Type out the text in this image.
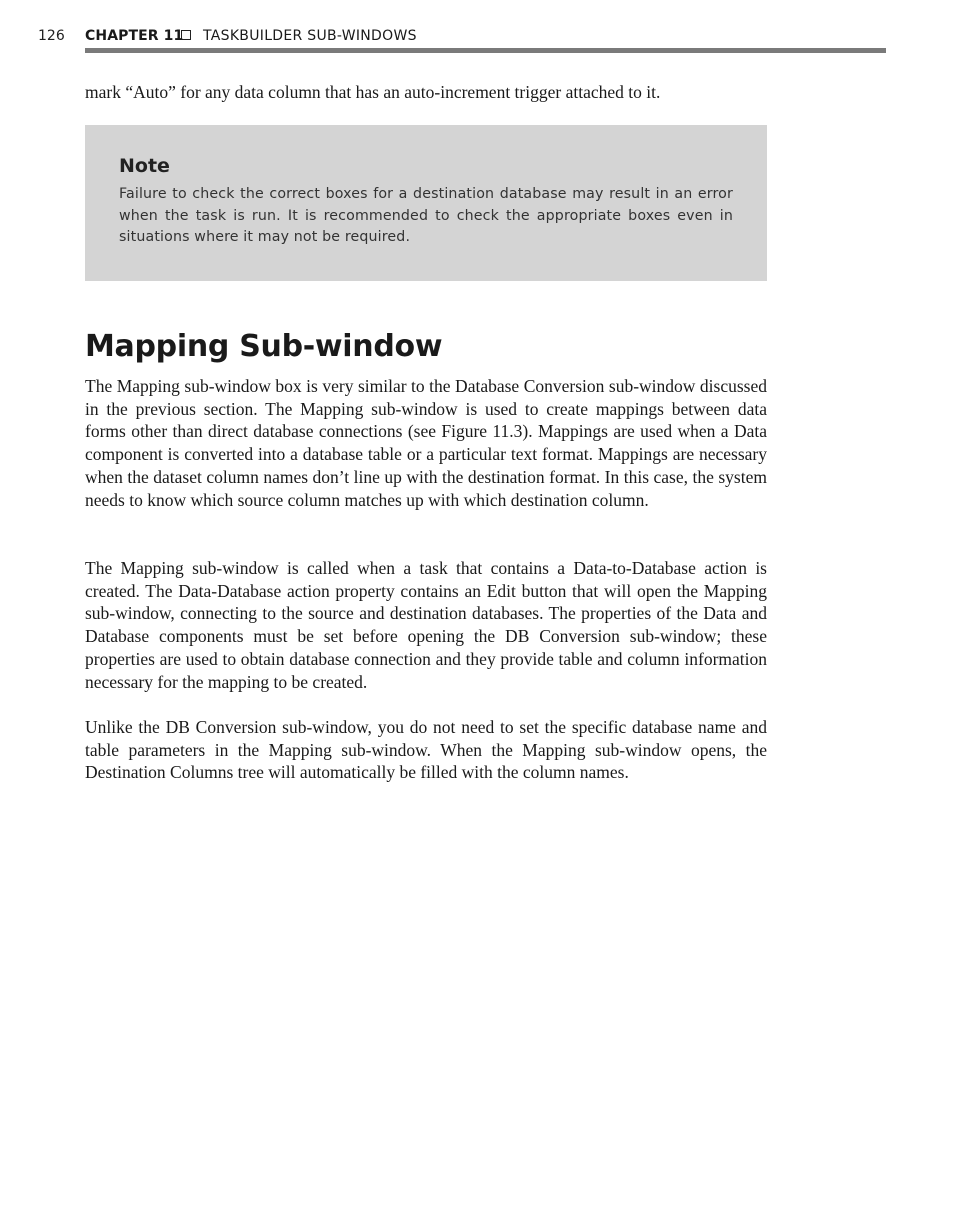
126 CHAPTER 11 TASKBUILDER SUB-WINDOWS

mark “Auto” for any data column that has an auto-increment trigger attached to it.

Note

Failure to check the correct boxes for a destination database may result in an error when the task is run. It is recommended to check the appropriate boxes even in situations where it may not be required.

Mapping Sub-window

The Mapping sub-window box is very similar to the Database Conversion sub-window discussed in the previous section. The Mapping sub-window is used to create mappings between data forms other than direct database connections (see Figure 11.3). Mappings are used when a Data component is converted into a database table or a particular text format. Mappings are necessary when the dataset column names don’t line up with the destination format. In this case, the system needs to know which source column matches up with which destination column.

The Mapping sub-window is called when a task that contains a Data-to-Database action is created. The Data-Database action property contains an Edit button that will open the Mapping sub-window, connecting to the source and destination databases. The properties of the Data and Database components must be set before opening the DB Conversion sub-window; these properties are used to obtain database connection and they provide table and column information necessary for the mapping to be created.

Unlike the DB Conversion sub-window, you do not need to set the specific database name and table parameters in the Mapping sub-window. When the Mapping sub-window opens, the Destination Columns tree will automatically be filled with the column names.
